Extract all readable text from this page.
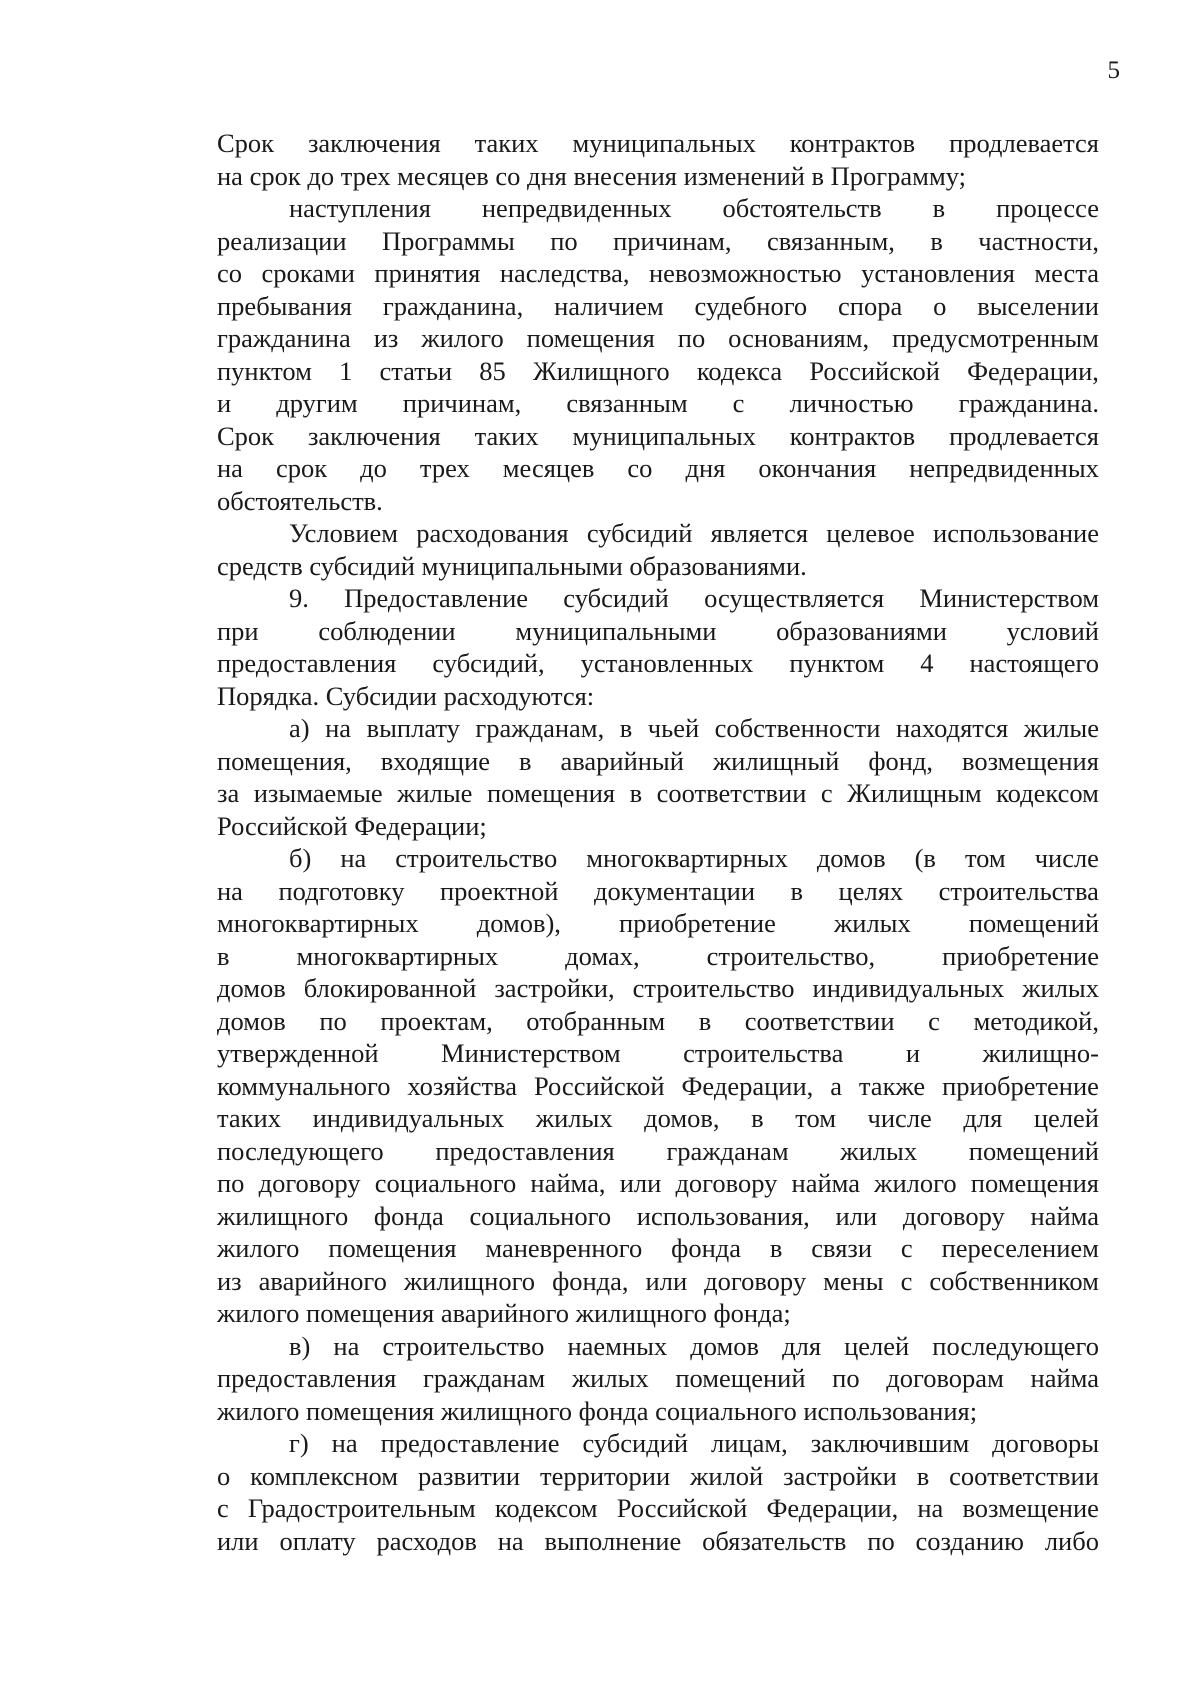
5
Срок заключения таких муниципальных контрактов продлевается
на срок до трех месяцев со дня внесения изменений в Программу;
наступления непредвиденных обстоятельств в процессе
реализации Программы по причинам, связанным, в частности,
со сроками принятия наследства, невозможностью установления места
пребывания гражданина, наличием судебного спора о выселении
гражданина из жилого помещения по основаниям, предусмотренным
пунктом 1 статьи 85 Жилищного кодекса Российской Федерации,
и другим причинам, связанным с личностью гражданина.
Срок заключения таких муниципальных контрактов продлевается
на срок до трех месяцев со дня окончания непредвиденных
обстоятельств.
Условием расходования субсидий является целевое использование
средств субсидий муниципальными образованиями.
9. Предоставление субсидий осуществляется Министерством
при соблюдении муниципальными образованиями условий
предоставления субсидий, установленных пунктом 4 настоящего
Порядка. Субсидии расходуются:
а) на выплату гражданам, в чьей собственности находятся жилые
помещения, входящие в аварийный жилищный фонд, возмещения
за изымаемые жилые помещения в соответствии с Жилищным кодексом
Российской Федерации;
б) на строительство многоквартирных домов (в том числе
на подготовку проектной документации в целях строительства
многоквартирных домов), приобретение жилых помещений
в	многоквартирных	домах,	строительство,	приобретение
домов блокированной застройки, строительство индивидуальных жилых
домов по проектам, отобранным в соответствии с методикой,
утвержденной Министерством строительства и жилищно-
коммунального хозяйства Российской Федерации, а также приобретение
таких индивидуальных жилых домов, в том числе для целей
последующего предоставления гражданам жилых помещений
по договору социального найма, или договору найма жилого помещения
жилищного фонда социального использования, или договору найма
жилого помещения маневренного фонда в связи с переселением
из аварийного жилищного фонда, или договору мены с собственником
жилого помещения аварийного жилищного фонда;
в) на строительство наемных домов для целей последующего
предоставления гражданам жилых помещений по договорам найма
жилого помещения жилищного фонда социального использования;
г) на предоставление субсидий лицам, заключившим договоры
о комплексном развитии территории жилой застройки в соответствии
с Градостроительным кодексом Российской Федерации, на возмещение
или оплату расходов на выполнение обязательств по созданию либо
